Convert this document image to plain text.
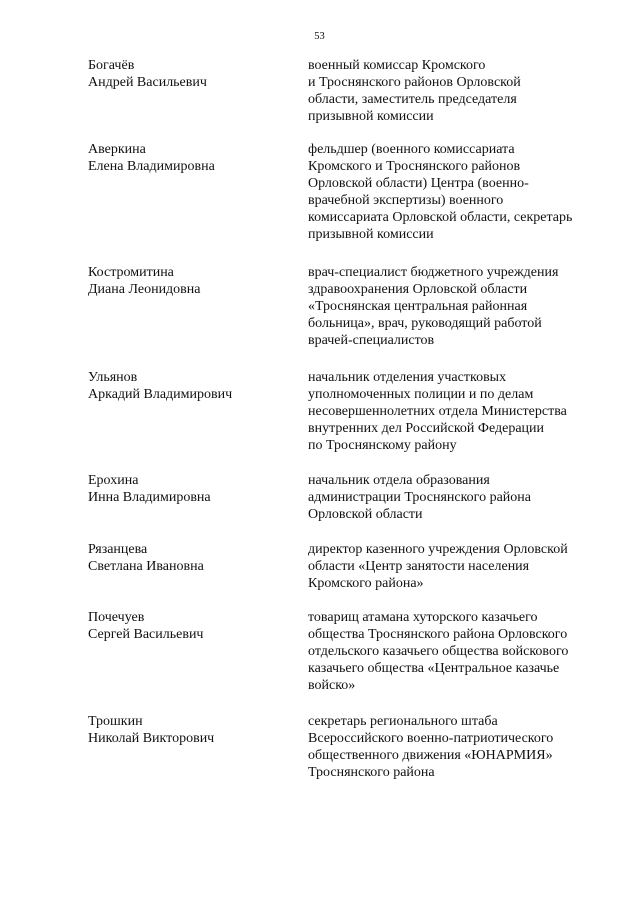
53
Богачёв
Андрей Васильевич
военный комиссар Кромского
и Троснянского районов Орловской
области, заместитель председателя
призывной комиссии
Аверкина
Елена Владимировна
фельдшер (военного комиссариата
Кромского и Троснянского районов
Орловской области) Центра (военно-
врачебной экспертизы) военного
комиссариата Орловской области, секретарь
призывной комиссии
Костромитина
Диана Леонидовна
врач-специалист бюджетного учреждения
здравоохранения Орловской области
«Троснянская центральная районная
больница», врач, руководящий работой
врачей-специалистов
Ульянов
Аркадий Владимирович
начальник отделения участковых
уполномоченных полиции и по делам
несовершеннолетних отдела Министерства
внутренних дел Российской Федерации
по Троснянскому району
Ерохина
Инна Владимировна
начальник отдела образования
администрации Троснянского района
Орловской области
Рязанцева
Светлана Ивановна
директор казенного учреждения Орловской
области «Центр занятости населения
Кромского района»
Почечуев
Сергей Васильевич
товарищ атамана хуторского казачьего
общества Троснянского района Орловского
отдельского казачьего общества войскового
казачьего общества «Центральное казачье
войско»
Трошкин
Николай Викторович
секретарь регионального штаба
Всероссийского военно-патриотического
общественного движения «ЮНАРМИЯ»
Троснянского района
